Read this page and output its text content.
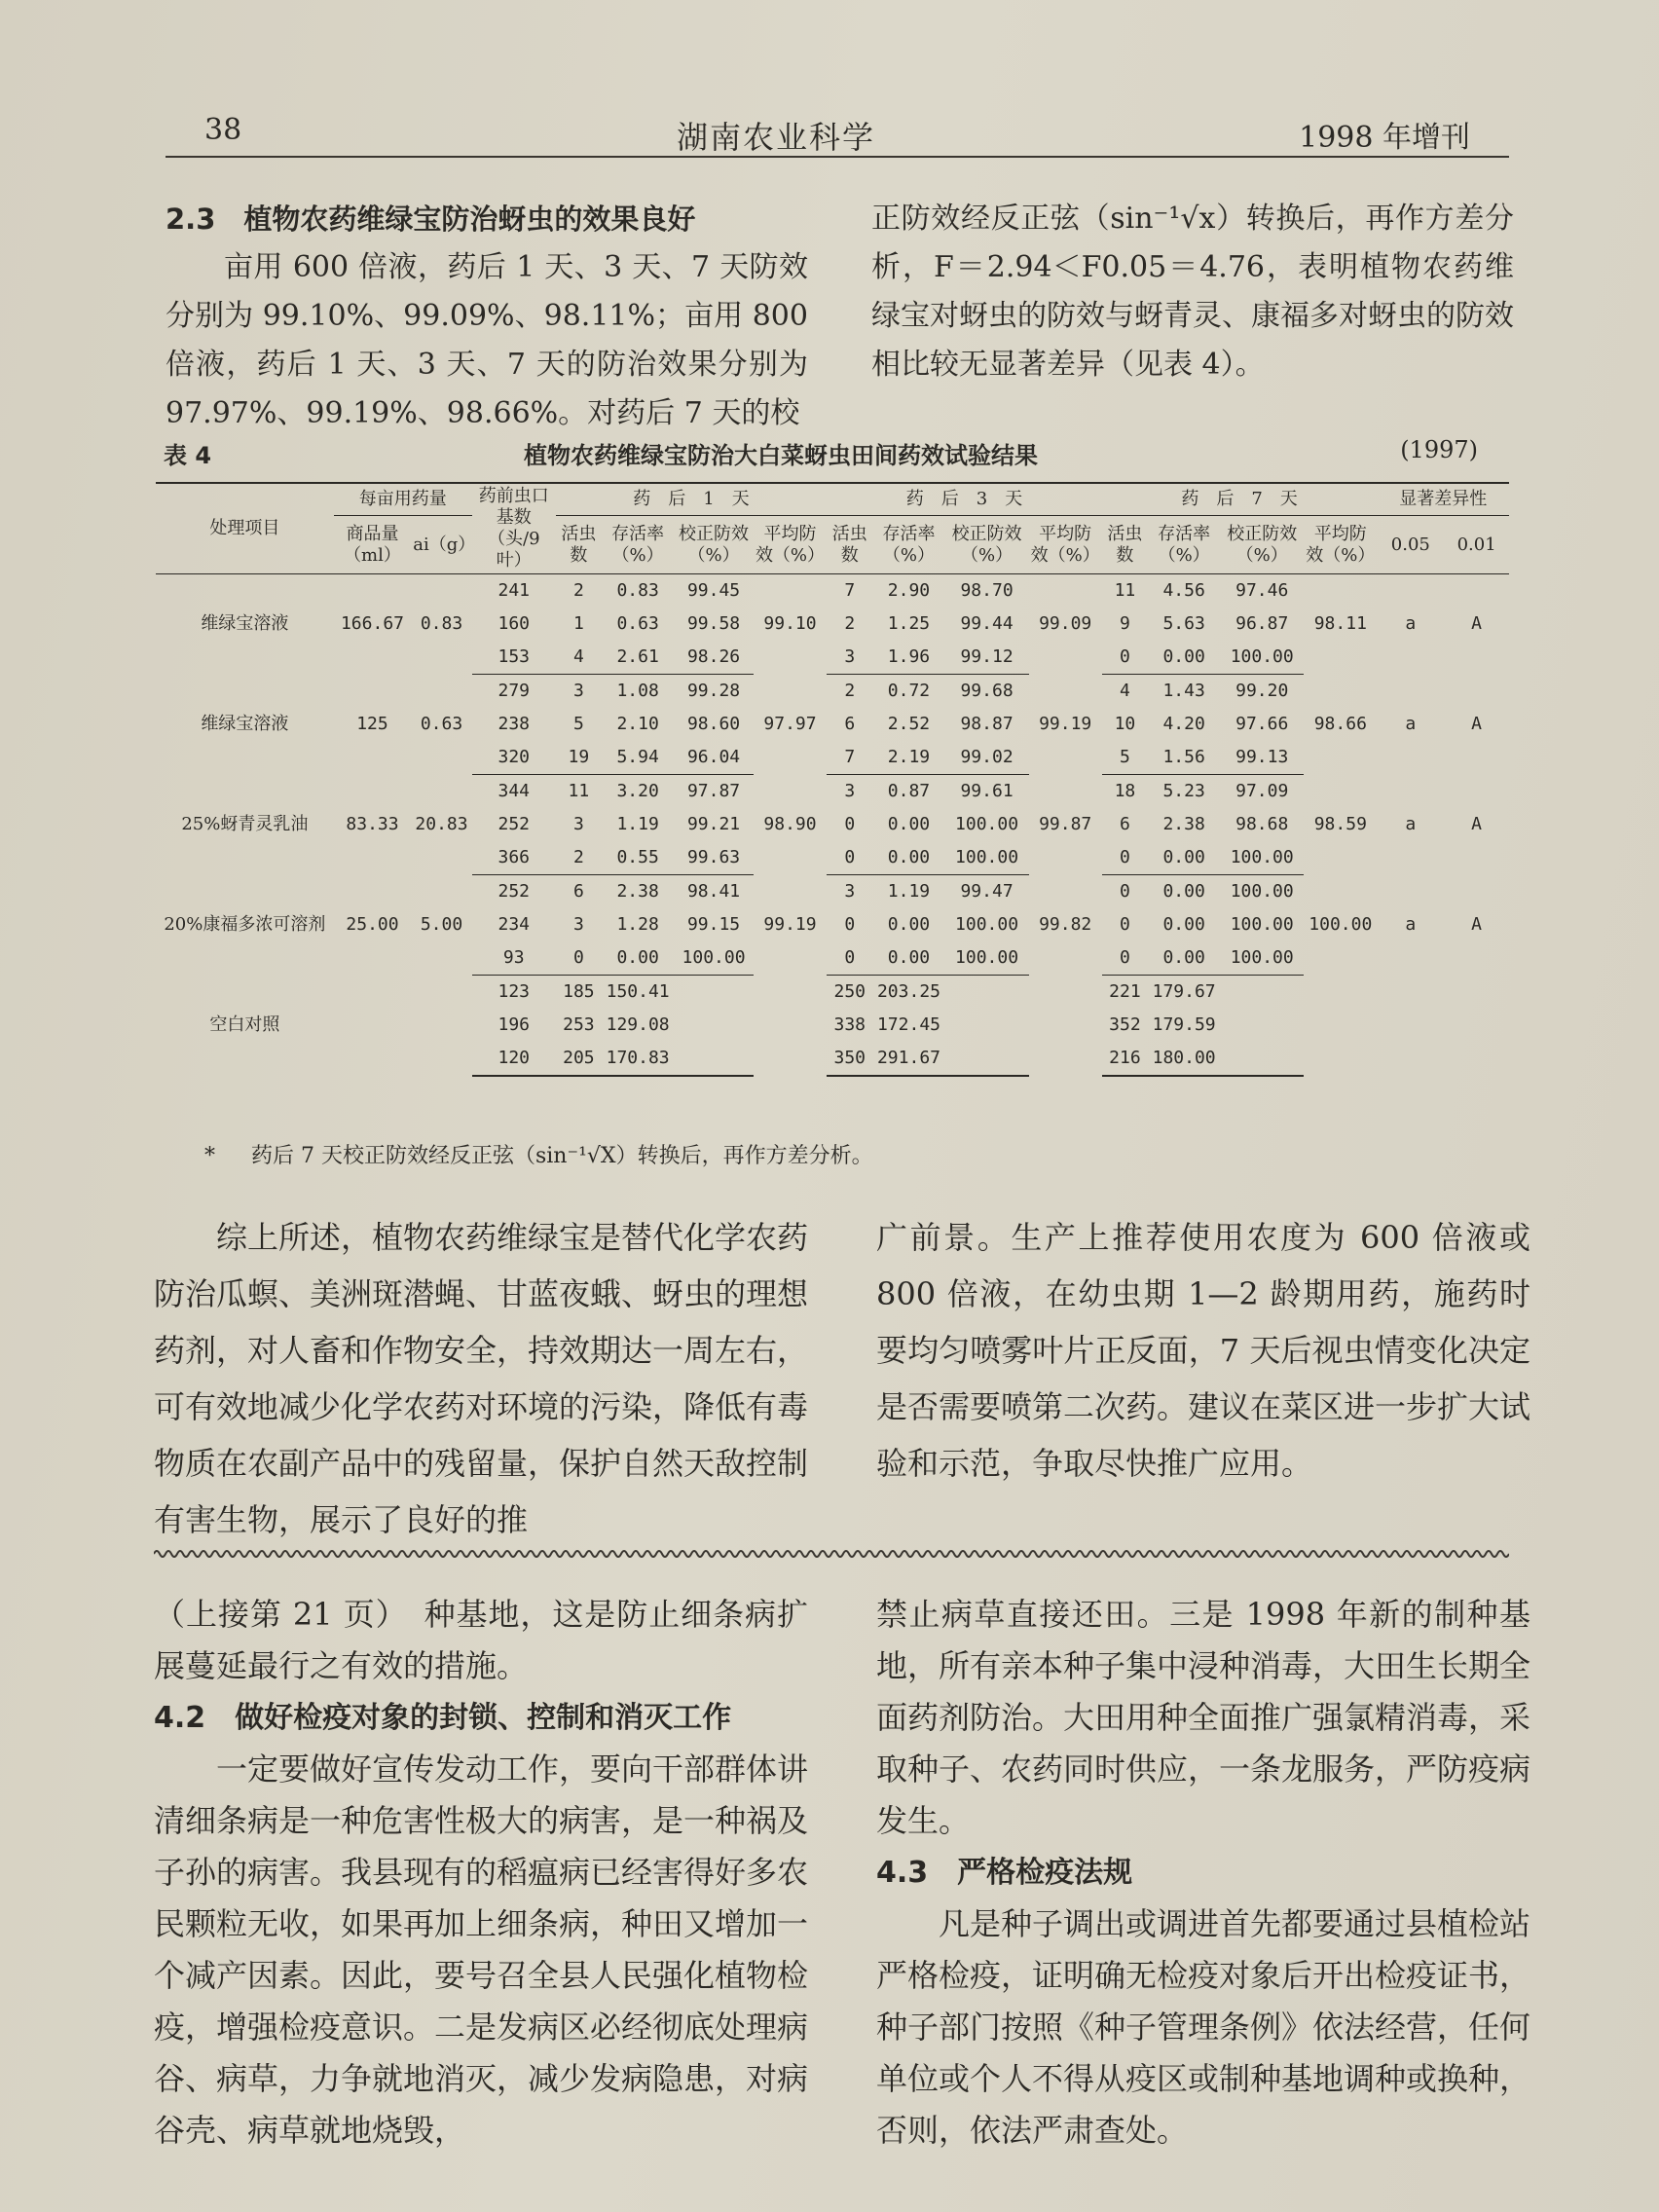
38	湖南农业科学	1998 年增刊

2.3　植物农药维绿宝防治蚜虫的效果良好

亩用 600 倍液，药后 1 天、3 天、7 天防效分别为 99.10%、99.09%、98.11%；亩用 800 倍液，药后 1 天、3 天、7 天的防治效果分别为 97.97%、99.19%、98.66%。对药后 7 天的校

正防效经反正弦（sin⁻¹√x）转换后，再作方差分析，F＝2.94＜F0.05＝4.76，表明植物农药维绿宝对蚜虫的防效与蚜青灵、康福多对蚜虫的防效相比较无显著差异（见表 4）。

表 4	植物农药维绿宝防治大白菜蚜虫田间药效试验结果	(1997)
处理项目	每亩用药量		药前虫口基数（头/9 叶）	药　后　1　天				药　后　3　天				药　后　7　天				显著差异性	
	商品量（ml）	ai（g）		活虫数	存活率（%）	校正防效（%）	平均防效（%）	活虫数	存活率（%）	校正防效（%）	平均防效（%）	活虫数	存活率（%）	校正防效（%）	平均防效（%）	0.05	0.01
维绿宝溶液	166.67	0.83	241	2	0.83	99.45	99.10	7	2.90	98.70	99.09	11	4.56	97.46	98.11	a	A
			160	1	0.63	99.58		2	1.25	99.44		9	5.63	96.87			
			153	4	2.61	98.26		3	1.96	99.12		0	0.00	100.00			
维绿宝溶液	125	0.63	279	3	1.08	99.28	97.97	2	0.72	99.68	99.19	4	1.43	99.20	98.66	a	A
			238	5	2.10	98.60		6	2.52	98.87		10	4.20	97.66			
			320	19	5.94	96.04		7	2.19	99.02		5	1.56	99.13			
25%蚜青灵乳油	83.33	20.83	344	11	3.20	97.87	98.90	3	0.87	99.61	99.87	18	5.23	97.09	98.59	a	A
			252	3	1.19	99.21		0	0.00	100.00		6	2.38	98.68			
			366	2	0.55	99.63		0	0.00	100.00		0	0.00	100.00			
20%康福多浓可溶剂	25.00	5.00	252	6	2.38	98.41	99.19	3	1.19	99.47	99.82	0	0.00	100.00	100.00	a	A
			234	3	1.28	99.15		0	0.00	100.00		0	0.00	100.00			
			93	0	0.00	100.00		0	0.00	100.00		0	0.00	100.00			
空白对照			123	185	150.41			250	203.25			221	179.67				
			196	253	129.08			338	172.45			352	179.59				
			120	205	170.83			350	291.67			216	180.00				
* 药后 7 天校正防效经反正弦（sin⁻¹√X）转换后，再作方差分析。

综上所述，植物农药维绿宝是替代化学农药防治瓜螟、美洲斑潜蝇、甘蓝夜蛾、蚜虫的理想药剂，对人畜和作物安全，持效期达一周左右，可有效地减少化学农药对环境的污染，降低有毒物质在农副产品中的残留量，保护自然天敌控制有害生物，展示了良好的推

广前景。生产上推荐使用农度为 600 倍液或 800 倍液，在幼虫期 1—2 龄期用药，施药时要均匀喷雾叶片正反面，7 天后视虫情变化决定是否需要喷第二次药。建议在菜区进一步扩大试验和示范，争取尽快推广应用。

（上接第 21 页）　种基地，这是防止细条病扩展蔓延最行之有效的措施。

4.2　做好检疫对象的封锁、控制和消灭工作

一定要做好宣传发动工作，要向干部群体讲清细条病是一种危害性极大的病害，是一种祸及子孙的病害。我县现有的稻瘟病已经害得好多农民颗粒无收，如果再加上细条病，种田又增加一个减产因素。因此，要号召全县人民强化植物检疫，增强检疫意识。二是发病区必经彻底处理病谷、病草，力争就地消灭，减少发病隐患，对病谷壳、病草就地烧毁，

禁止病草直接还田。三是 1998 年新的制种基地，所有亲本种子集中浸种消毒，大田生长期全面药剂防治。大田用种全面推广强氯精消毒，采取种子、农药同时供应，一条龙服务，严防疫病发生。

4.3　严格检疫法规

凡是种子调出或调进首先都要通过县植检站严格检疫，证明确无检疫对象后开出检疫证书，种子部门按照《种子管理条例》依法经营，任何单位或个人不得从疫区或制种基地调种或换种，否则，依法严肃查处。
